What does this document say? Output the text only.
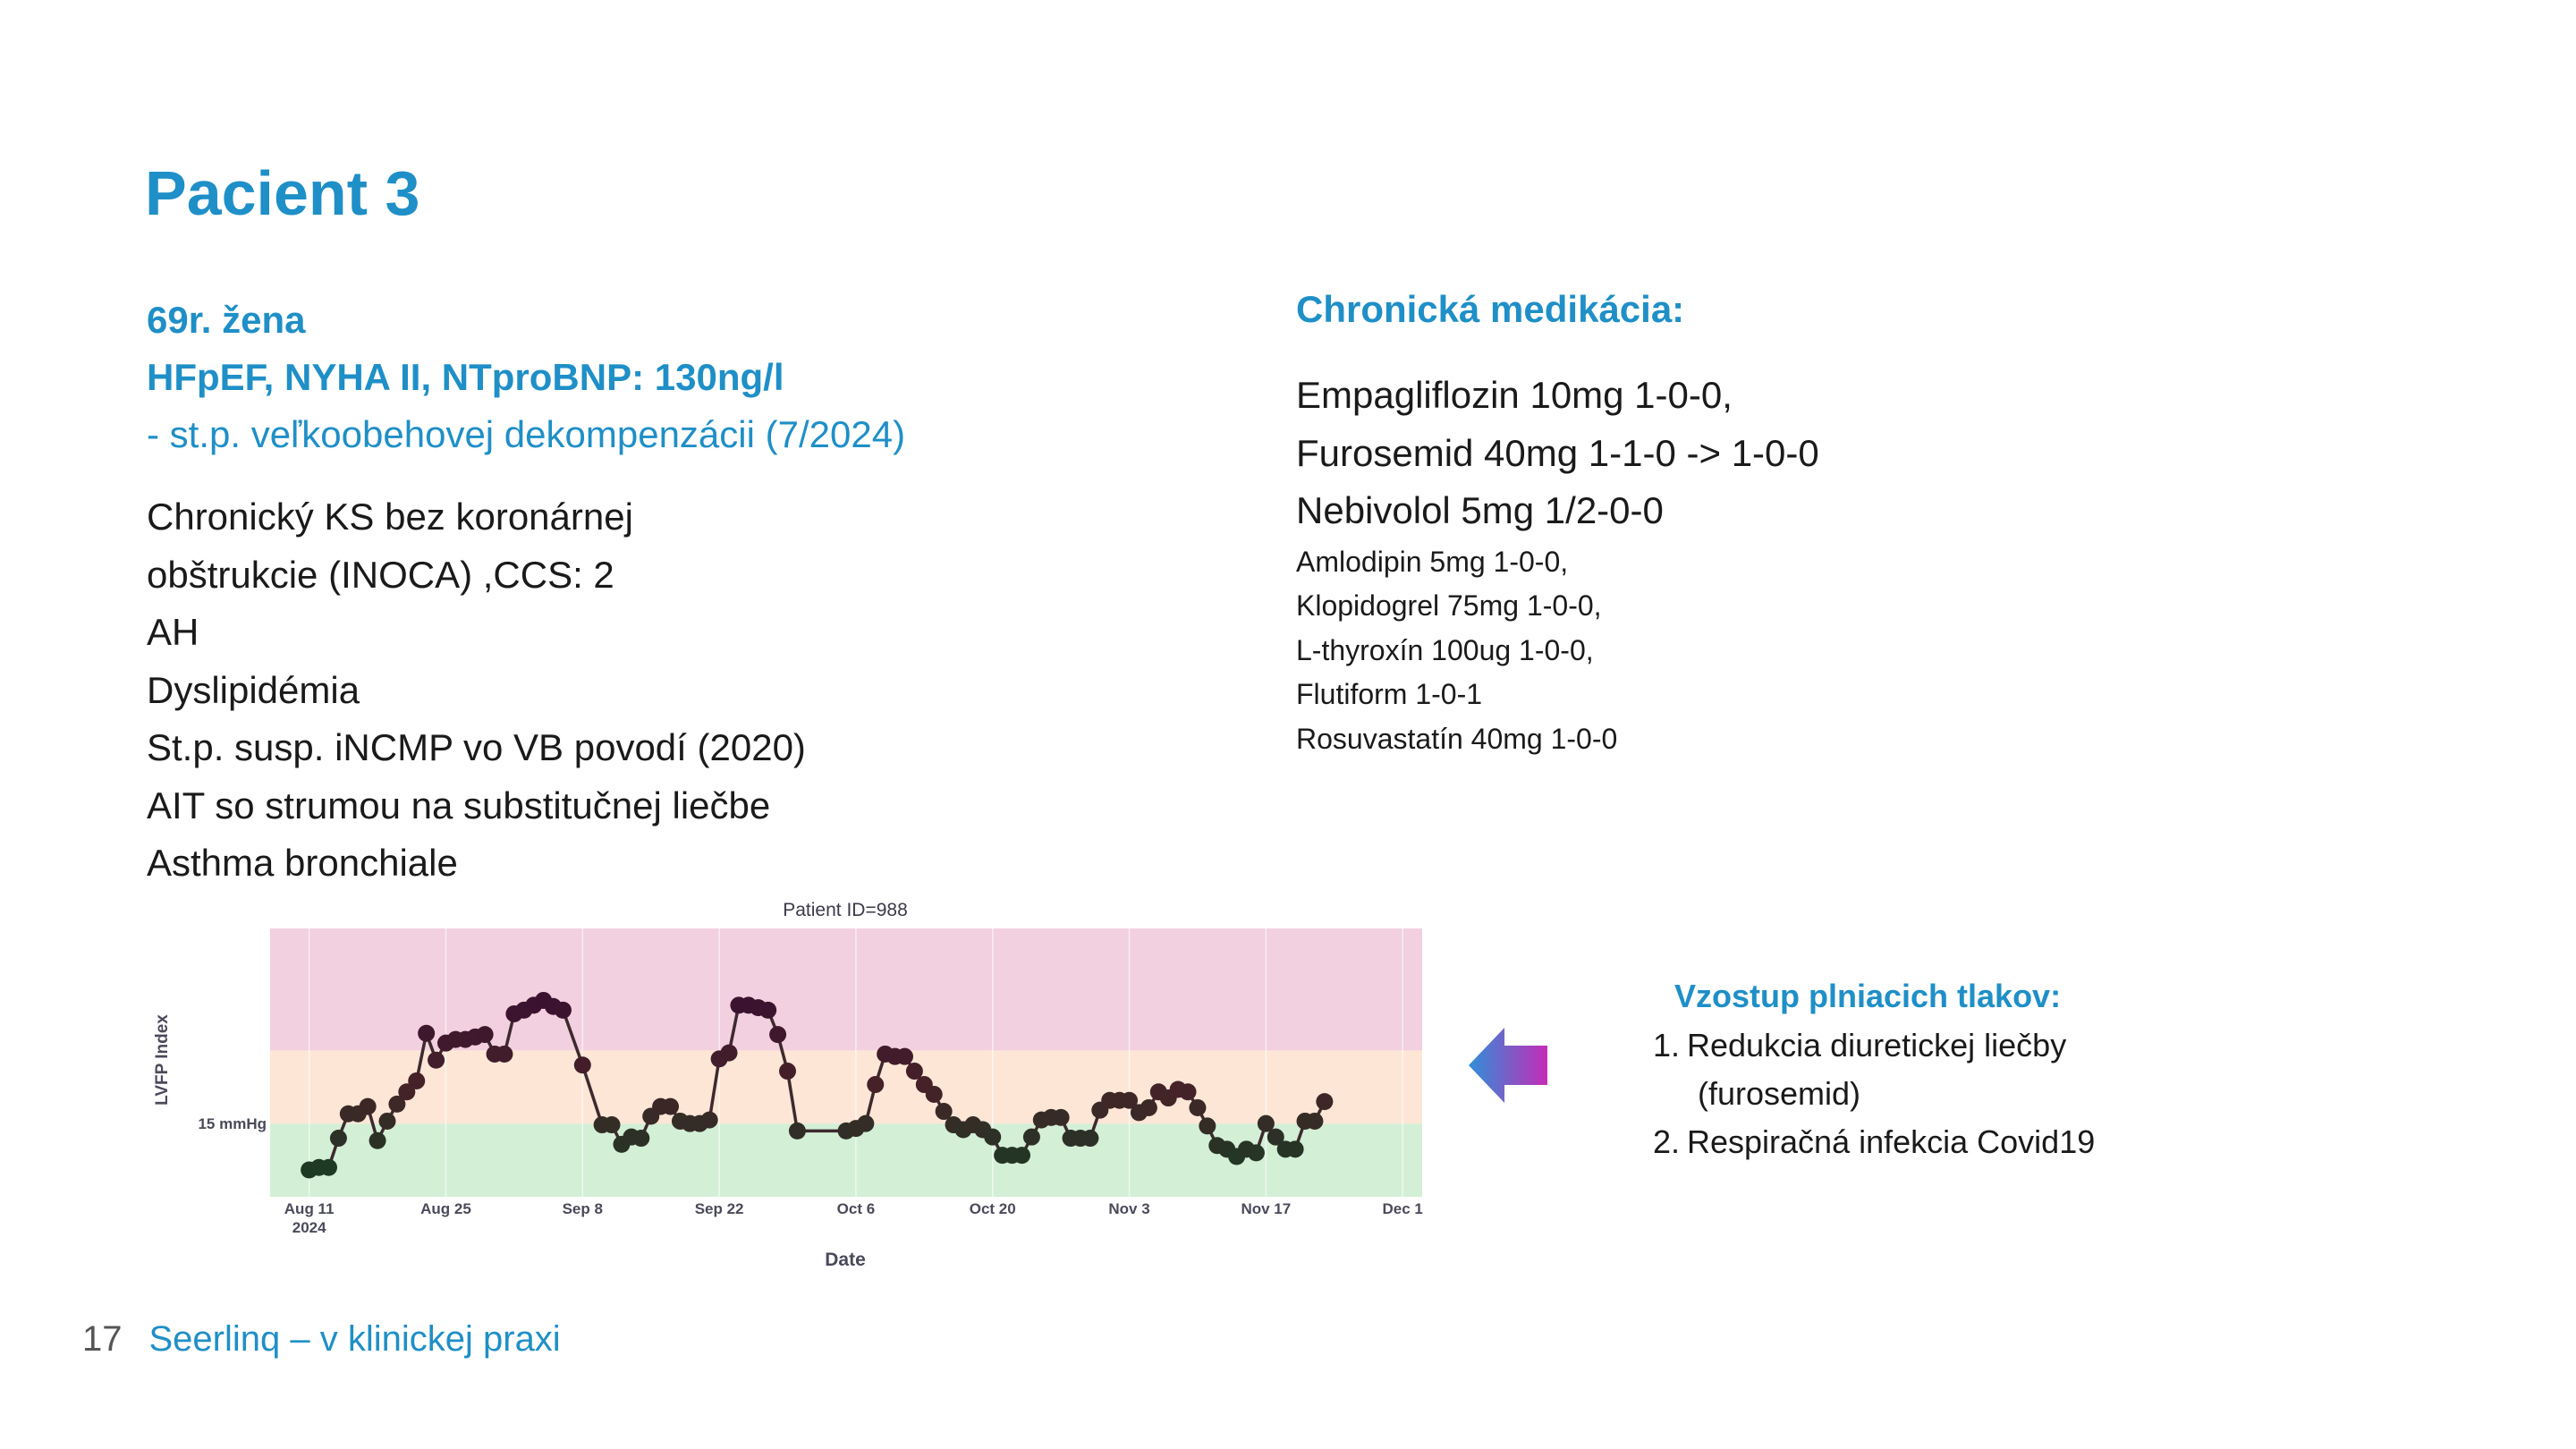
Pacient 3
69r. žena
HFpEF, NYHA II, NTproBNP: 130ng/l
- st.p. veľkoobehovej dekompenzácii (7/2024)
Chronický KS bez koronárnej
obštrukcie (INOCA) ,CCS: 2
AH
Dyslipidémia
St.p. susp. iNCMP vo VB povodí (2020)
AIT so strumou na substitučnej liečbe
Asthma bronchiale
Chronická medikácia:
Empagliflozin 10mg 1-0-0,
Furosemid 40mg 1-1-0 -> 1-0-0
Nebivolol 5mg 1/2-0-0
Amlodipin 5mg 1-0-0,
Klopidogrel 75mg 1-0-0,
L-thyroxín 100ug 1-0-0,
Flutiform 1-0-1
Rosuvastatín 40mg 1-0-0
Aug 11
2024
Aug 25	Sep 8	Sep 22	Oct 6	Oct 20	Nov 3	Nov 17	Dec 1
15 mmHg
Patient ID=988
Date
LVFP Index
Vzostup plniacich tlakov:
1. Redukcia diuretickej liečby
(furosemid)
2. Respiračná infekcia Covid19
17 Seerlinq – v klinickej praxi
